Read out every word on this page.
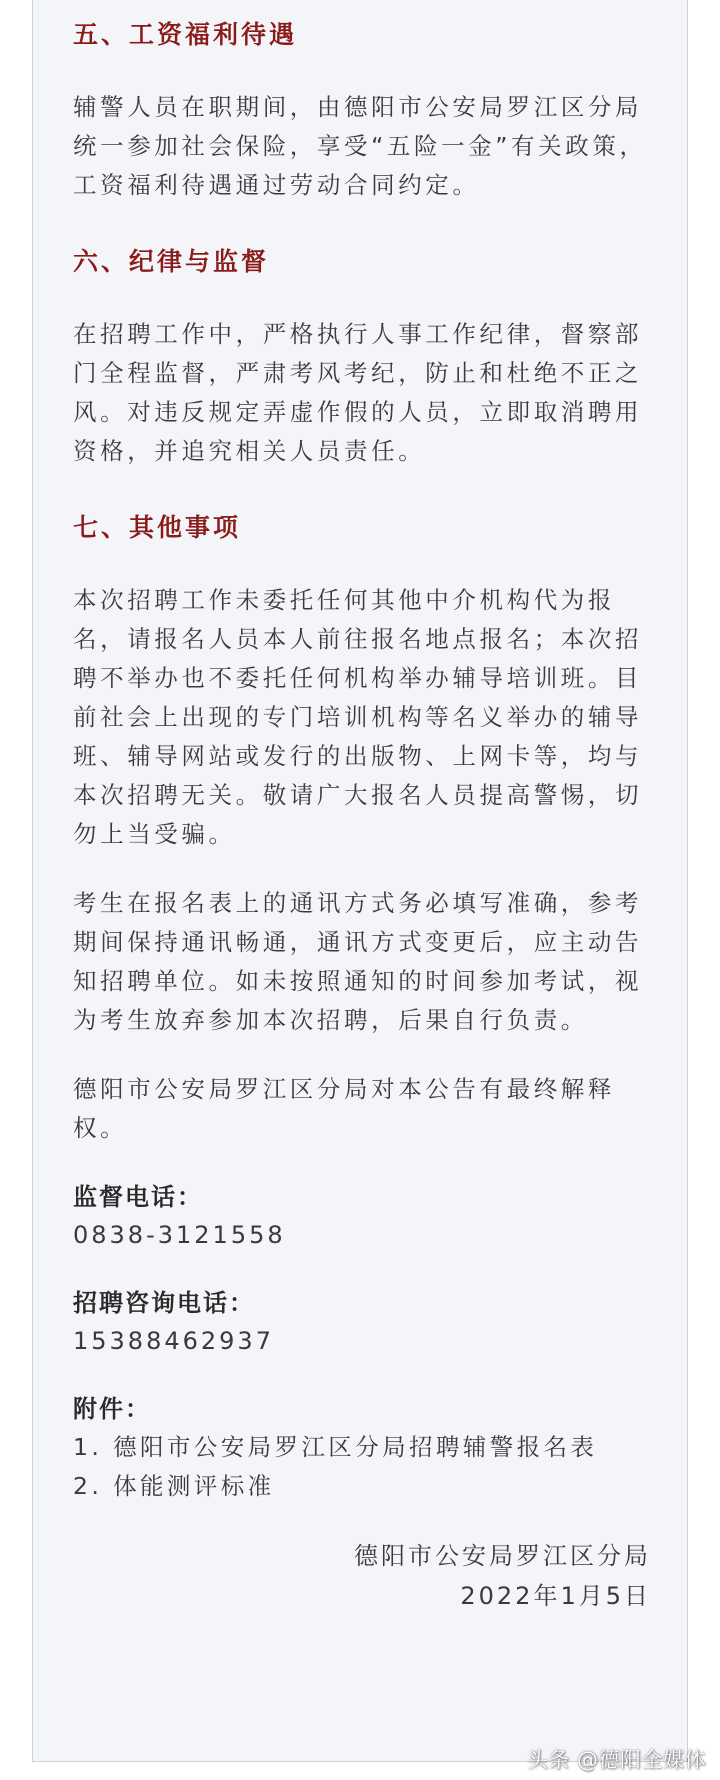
五、工资福利待遇

辅警人员在职期间，由德阳市公安局罗江区分局统一参加社会保险，享受“五险一金”有关政策，工资福利待遇通过劳动合同约定。

六、纪律与监督

在招聘工作中，严格执行人事工作纪律，督察部门全程监督，严肃考风考纪，防止和杜绝不正之风。对违反规定弄虚作假的人员，立即取消聘用资格，并追究相关人员责任。

七、其他事项

本次招聘工作未委托任何其他中介机构代为报名，请报名人员本人前往报名地点报名；本次招聘不举办也不委托任何机构举办辅导培训班。目前社会上出现的专门培训机构等名义举办的辅导班、辅导网站或发行的出版物、上网卡等，均与本次招聘无关。敬请广大报名人员提高警惕，切勿上当受骗。

考生在报名表上的通讯方式务必填写准确，参考期间保持通讯畅通，通讯方式变更后，应主动告知招聘单位。如未按照通知的时间参加考试，视为考生放弃参加本次招聘，后果自行负责。

德阳市公安局罗江区分局对本公告有最终解释权。

监督电话：

0838-3121558

招聘咨询电话：

15388462937

附件：

1. 德阳市公安局罗江区分局招聘辅警报名表

2. 体能测评标准

德阳市公安局罗江区分局

2022年1月5日

头条 @德阳全媒体
